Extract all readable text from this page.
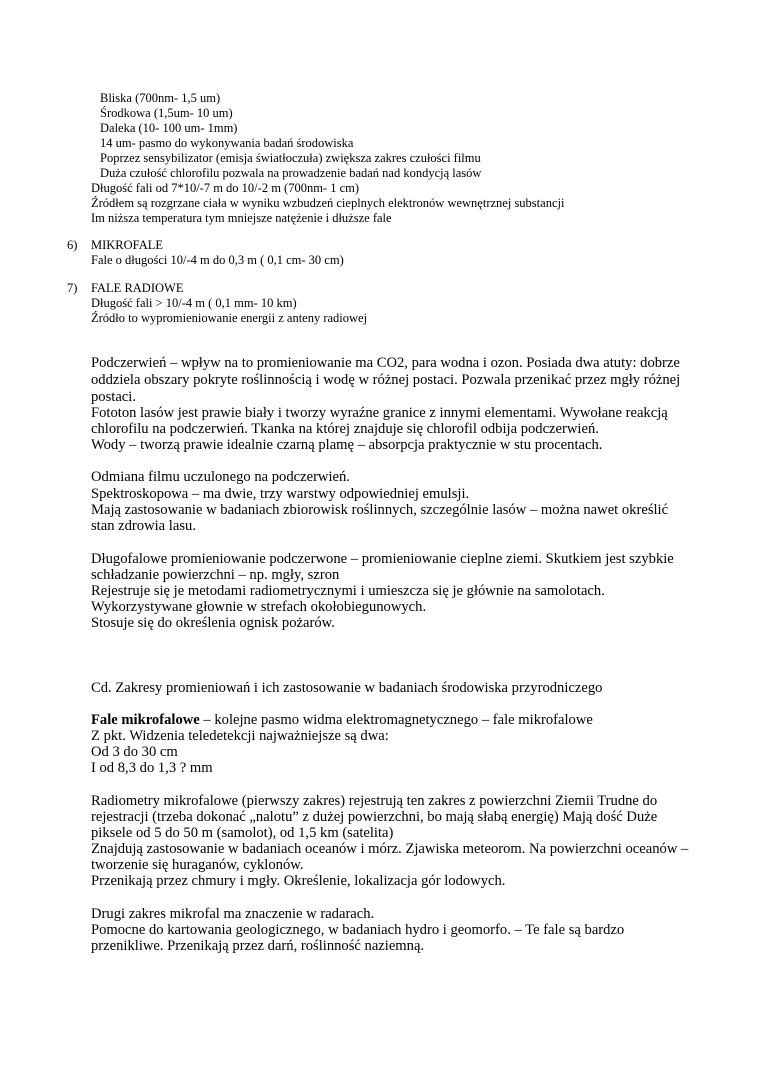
Bliska (700nm- 1,5 um)
Środkowa (1,5um- 10 um)
Daleka (10- 100 um- 1mm)
14 um- pasmo do wykonywania badań środowiska
Poprzez sensybilizator (emisja światłoczuła) zwiększa zakres czułości filmu
Duża czułość chlorofilu pozwala na prowadzenie badań nad kondycją lasów
Długość fali od 7*10/-7 m do 10/-2 m (700nm- 1 cm)
Źródłem są rozgrzane ciała w wyniku wzbudzeń cieplnych elektronów wewnętrznej substancji
Im niższa temperatura tym mniejsze natężenie i dłuższe fale
6) MIKROFALE
Fale o długości 10/-4 m do 0,3 m ( 0,1 cm- 30 cm)
7) FALE RADIOWE
Długość fali > 10/-4 m ( 0,1 mm- 10 km)
Źródło to wypromieniowanie energii z anteny radiowej
Podczerwień – wpływ na to promieniowanie ma CO2, para wodna i ozon. Posiada dwa atuty: dobrze
oddziela obszary pokryte roślinnością i wodę w różnej postaci. Pozwala przenikać przez mgły różnej
postaci.
Fototon lasów jest prawie biały i tworzy wyraźne granice z innymi elementami. Wywołane reakcją
chlorofilu na podczerwień. Tkanka na której znajduje się chlorofil odbija podczerwień.
Wody – tworzą prawie idealnie czarną plamę – absorpcja praktycznie w stu procentach.
Odmiana filmu uczulonego na podczerwień.
Spektroskopowa – ma dwie, trzy warstwy odpowiedniej emulsji.
Mają zastosowanie w badaniach zbiorowisk roślinnych, szczególnie lasów – można nawet określić
stan zdrowia lasu.
Długofalowe promieniowanie podczerwone – promieniowanie cieplne ziemi. Skutkiem jest szybkie
schładzanie powierzchni – np. mgły, szron
Rejestruje się je metodami radiometrycznymi i umieszcza się je głównie na samolotach.
Wykorzystywane głownie w strefach okołobiegunowych.
Stosuje się do określenia ognisk pożarów.
Cd. Zakresy promieniowań i ich zastosowanie w badaniach środowiska przyrodniczego
Fale mikrofalowe – kolejne pasmo widma elektromagnetycznego – fale mikrofalowe
Z pkt. Widzenia teledetekcji najważniejsze są dwa:
Od 3 do 30 cm
I od 8,3 do 1,3 ? mm
Radiometry mikrofalowe (pierwszy zakres) rejestrują ten zakres z powierzchni Ziemii Trudne do
rejestracji (trzeba dokonać „nalotu” z dużej powierzchni, bo mają słabą energię) Mają dość Duże
piksele od 5 do 50 m (samolot), od 1,5 km (satelita)
Znajdują zastosowanie w badaniach oceanów i mórz. Zjawiska meteorom. Na powierzchni oceanów –
tworzenie się huraganów, cyklonów.
Przenikają przez chmury i mgły. Określenie, lokalizacja gór lodowych.
Drugi zakres mikrofal ma znaczenie w radarach.
Pomocne do kartowania geologicznego, w badaniach hydro i geomorfo. – Te fale są bardzo
przenikliwe. Przenikają przez darń, roślinność naziemną.
